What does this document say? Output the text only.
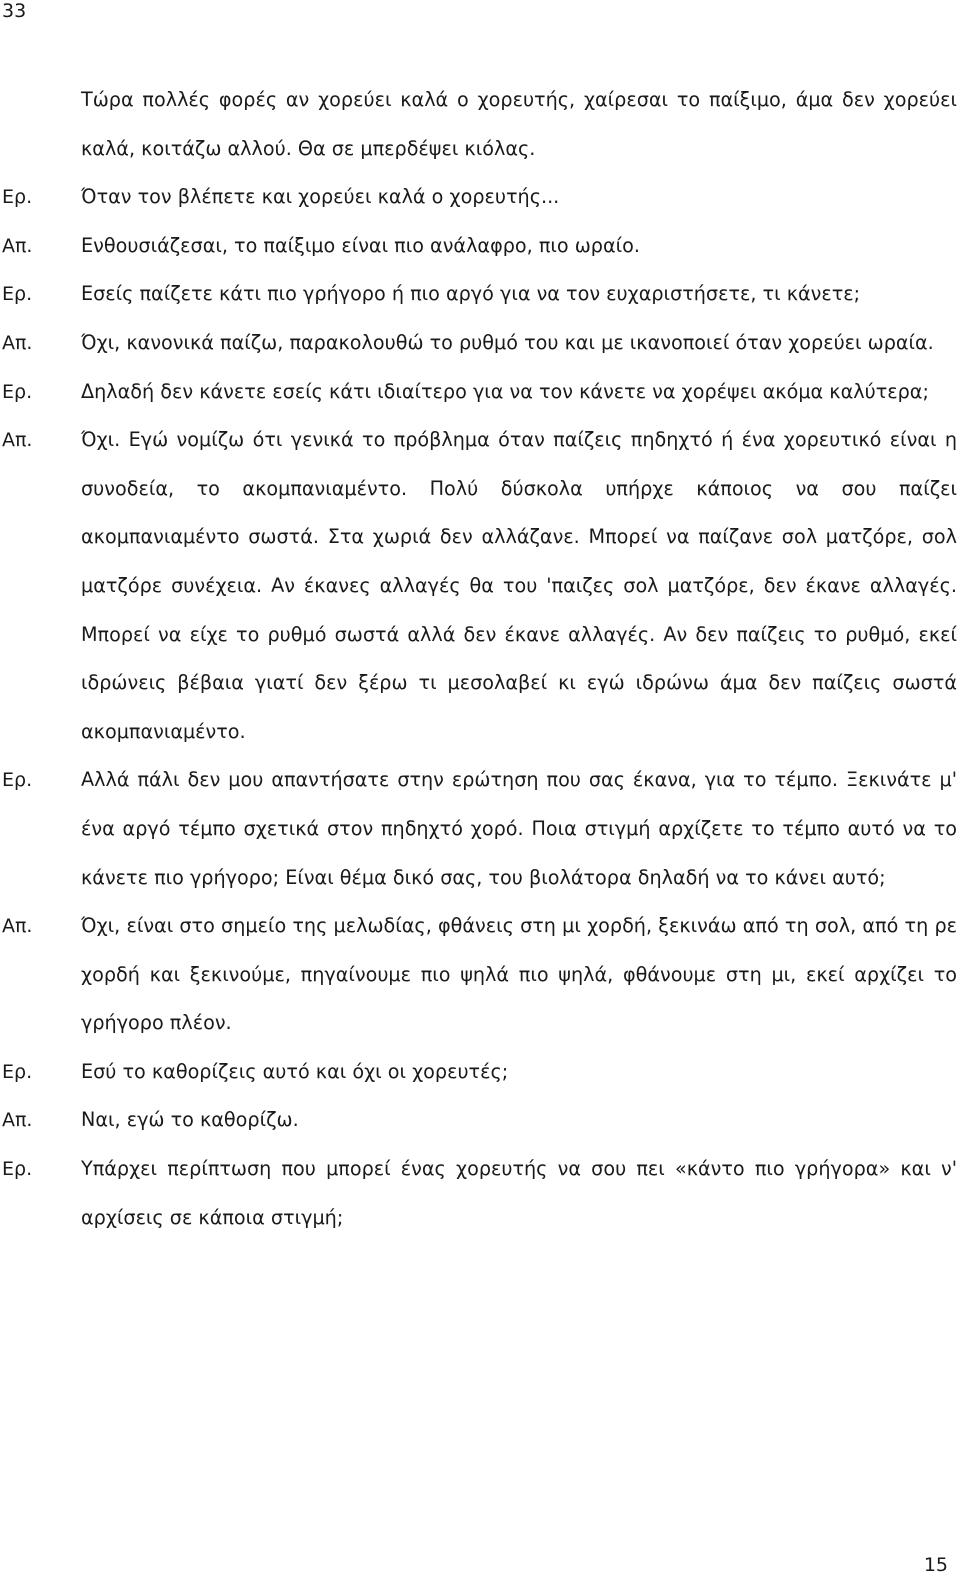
33
Τώρα πολλές φορές αν χορεύει καλά ο χορευτής, χαίρεσαι το παίξιμο, άμα δεν χορεύει καλά, κοιτάζω αλλού. Θα σε μπερδέψει κιόλας.
Ερ.	Όταν τον βλέπετε και χορεύει καλά ο χορευτής...
Απ.	Ενθουσιάζεσαι, το παίξιμο είναι πιο ανάλαφρο, πιο ωραίο.
Ερ.	Εσείς παίζετε κάτι πιο γρήγορο ή πιο αργό για να τον ευχαριστήσετε, τι κάνετε;
Απ.	Όχι, κανονικά παίζω, παρακολουθώ το ρυθμό του και με ικανοποιεί όταν χορεύει ωραία.
Ερ.	Δηλαδή δεν κάνετε εσείς κάτι ιδιαίτερο για να τον κάνετε να χορέψει ακόμα καλύτερα;
Απ.	Όχι. Εγώ νομίζω ότι γενικά το πρόβλημα όταν παίζεις πηδηχτό ή ένα χορευτικό είναι η συνοδεία, το ακομπανιαμέντο. Πολύ δύσκολα υπήρχε κάποιος να σου παίζει ακομπανιαμέντο σωστά. Στα χωριά δεν αλλάζανε. Μπορεί να παίζανε σολ ματζόρε, σολ ματζόρε συνέχεια. Αν έκανες αλλαγές θα του 'παιζες σολ ματζόρε, δεν έκανε αλλαγές. Μπορεί να είχε το ρυθμό σωστά αλλά δεν έκανε αλλαγές. Αν δεν παίζεις το ρυθμό, εκεί ιδρώνεις βέβαια γιατί δεν ξέρω τι μεσολαβεί κι εγώ ιδρώνω άμα δεν παίζεις σωστά ακομπανιαμέντο.
Ερ.	Αλλά πάλι δεν μου απαντήσατε στην ερώτηση που σας έκανα, για το τέμπο. Ξεκινάτε μ' ένα αργό τέμπο σχετικά στον πηδηχτό χορό. Ποια στιγμή αρχίζετε το τέμπο αυτό να το κάνετε πιο γρήγορο; Είναι θέμα δικό σας, του βιολάτορα δηλαδή να το κάνει αυτό;
Απ.	Όχι, είναι στο σημείο της μελωδίας, φθάνεις στη μι χορδή, ξεκινάω από τη σολ, από τη ρε χορδή και ξεκινούμε, πηγαίνουμε πιο ψηλά πιο ψηλά, φθάνουμε στη μι, εκεί αρχίζει το γρήγορο πλέον.
Ερ.	Εσύ το καθορίζεις αυτό και όχι οι χορευτές;
Απ.	Ναι, εγώ το καθορίζω.
Ερ.	Υπάρχει περίπτωση που μπορεί ένας χορευτής να σου πει «κάντο πιο γρήγορα» και ν' αρχίσεις σε κάποια στιγμή;
15
